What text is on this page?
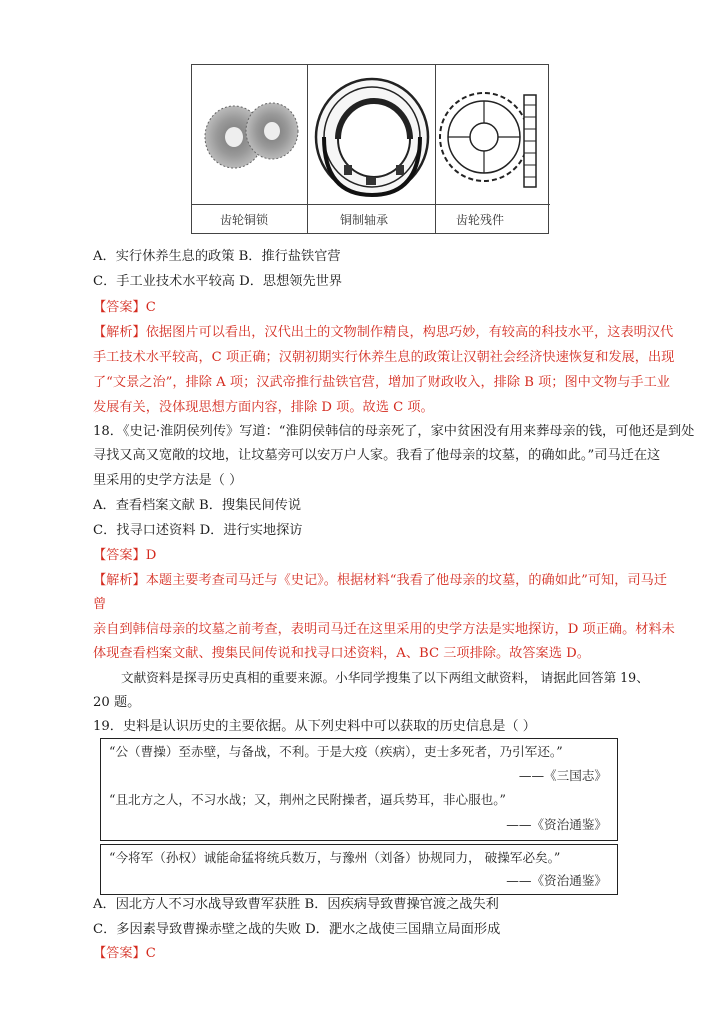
齿轮铜锁	铜制轴承	齿轮残件
A．实行休养生息的政策 B．推行盐铁官营
C．手工业技术水平较高 D．思想领先世界
【答案】C
【解析】依据图片可以看出，汉代出土的文物制作精良，构思巧妙，有较高的科技水平，这表明汉代
手工技术水平较高，C 项正确；汉朝初期实行休养生息的政策让汉朝社会经济快速恢复和发展，出现
了“文景之治”，排除 A 项；汉武帝推行盐铁官营，增加了财政收入，排除 B 项；图中文物与手工业
发展有关，没体现思想方面内容，排除 D 项。故选 C 项。
18．《史记·淮阴侯列传》写道：“淮阴侯韩信的母亲死了，家中贫困没有用来葬母亲的钱，可他还是到处
寻找又高又宽敞的坟地，让坟墓旁可以安万户人家。我看了他母亲的坟墓，的确如此。”司马迁在这
里采用的史学方法是（ ）
A．查看档案文献 B．搜集民间传说
C．找寻口述资料 D．进行实地探访
【答案】D
【解析】本题主要考查司马迁与《史记》。根据材料“我看了他母亲的坟墓，的确如此”可知，司马迁
曾
亲自到韩信母亲的坟墓之前考查，表明司马迁在这里采用的史学方法是实地探访，D 项正确。材料未
体现查看档案文献、搜集民间传说和找寻口述资料，A、BC 三项排除。故答案选 D。
文献资料是探寻历史真相的重要来源。小华同学搜集了以下两组文献资料， 请据此回答第 19、
20 题。
19．史料是认识历史的主要依据。从下列史料中可以获取的历史信息是（ ）
“公（曹操）至赤壁，与备战，不利。于是大疫（疾病），吏士多死者，乃引军还。”
——《三国志》
“且北方之人，不习水战；又，荆州之民附操者，逼兵势耳，非心服也。”
——《资治通鉴》
“今将军（孙权）诚能命猛将统兵数万，与豫州（刘备）协规同力， 破操军必矣。”
——《资治通鉴》
A．因北方人不习水战导致曹军获胜 B．因疾病导致曹操官渡之战失利
C．多因素导致曹操赤壁之战的失败 D．淝水之战使三国鼎立局面形成
【答案】C
